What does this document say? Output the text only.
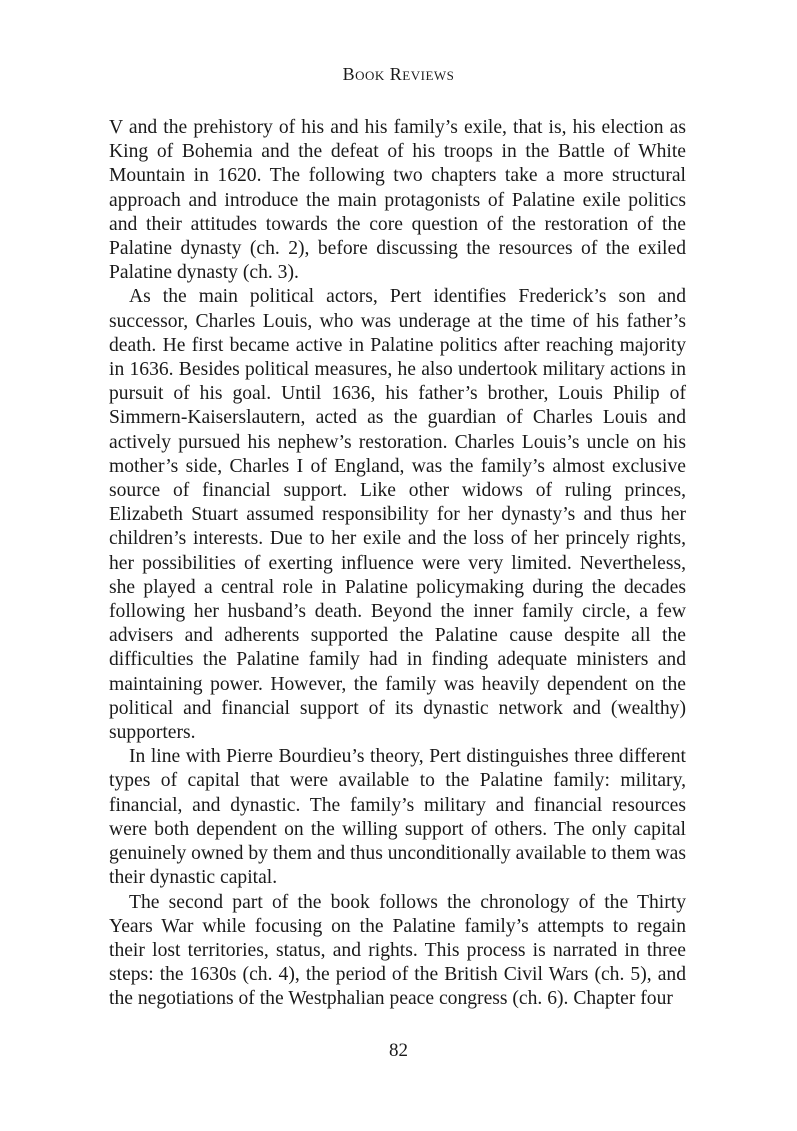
Book Reviews

V and the prehistory of his and his family’s exile, that is, his election as King of Bohemia and the defeat of his troops in the Battle of White Mountain in 1620. The following two chapters take a more structural approach and introduce the main protagonists of Palatine exile politics and their attitudes towards the core question of the restoration of the Palatine dynasty (ch. 2), before discussing the resources of the exiled Palatine dynasty (ch. 3).

As the main political actors, Pert identifies Frederick’s son and successor, Charles Louis, who was underage at the time of his father’s death. He first became active in Palatine politics after reaching majority in 1636. Besides political measures, he also undertook military actions in pursuit of his goal. Until 1636, his father’s brother, Louis Philip of Simmern-Kaiserslautern, acted as the guardian of Charles Louis and actively pursued his nephew’s restoration. Charles Louis’s uncle on his mother’s side, Charles I of England, was the family’s almost exclusive source of financial support. Like other widows of ruling princes, Elizabeth Stuart assumed responsibility for her dynasty’s and thus her children’s interests. Due to her exile and the loss of her princely rights, her possibilities of exerting influence were very limited. Nevertheless, she played a central role in Palatine policymaking during the decades following her husband’s death. Beyond the inner family circle, a few advisers and adherents supported the Palatine cause despite all the difficulties the Palatine family had in finding adequate ministers and maintaining power. However, the family was heavily dependent on the political and financial support of its dynastic network and (wealthy) supporters.

In line with Pierre Bourdieu’s theory, Pert distinguishes three different types of capital that were available to the Palatine family: military, financial, and dynastic. The family’s military and financial resources were both dependent on the willing support of others. The only capital genuinely owned by them and thus unconditionally available to them was their dynastic capital.

The second part of the book follows the chronology of the Thirty Years War while focusing on the Palatine family’s attempts to regain their lost territories, status, and rights. This process is narrated in three steps: the 1630s (ch. 4), the period of the British Civil Wars (ch. 5), and the negotiations of the Westphalian peace congress (ch. 6). Chapter four

82
